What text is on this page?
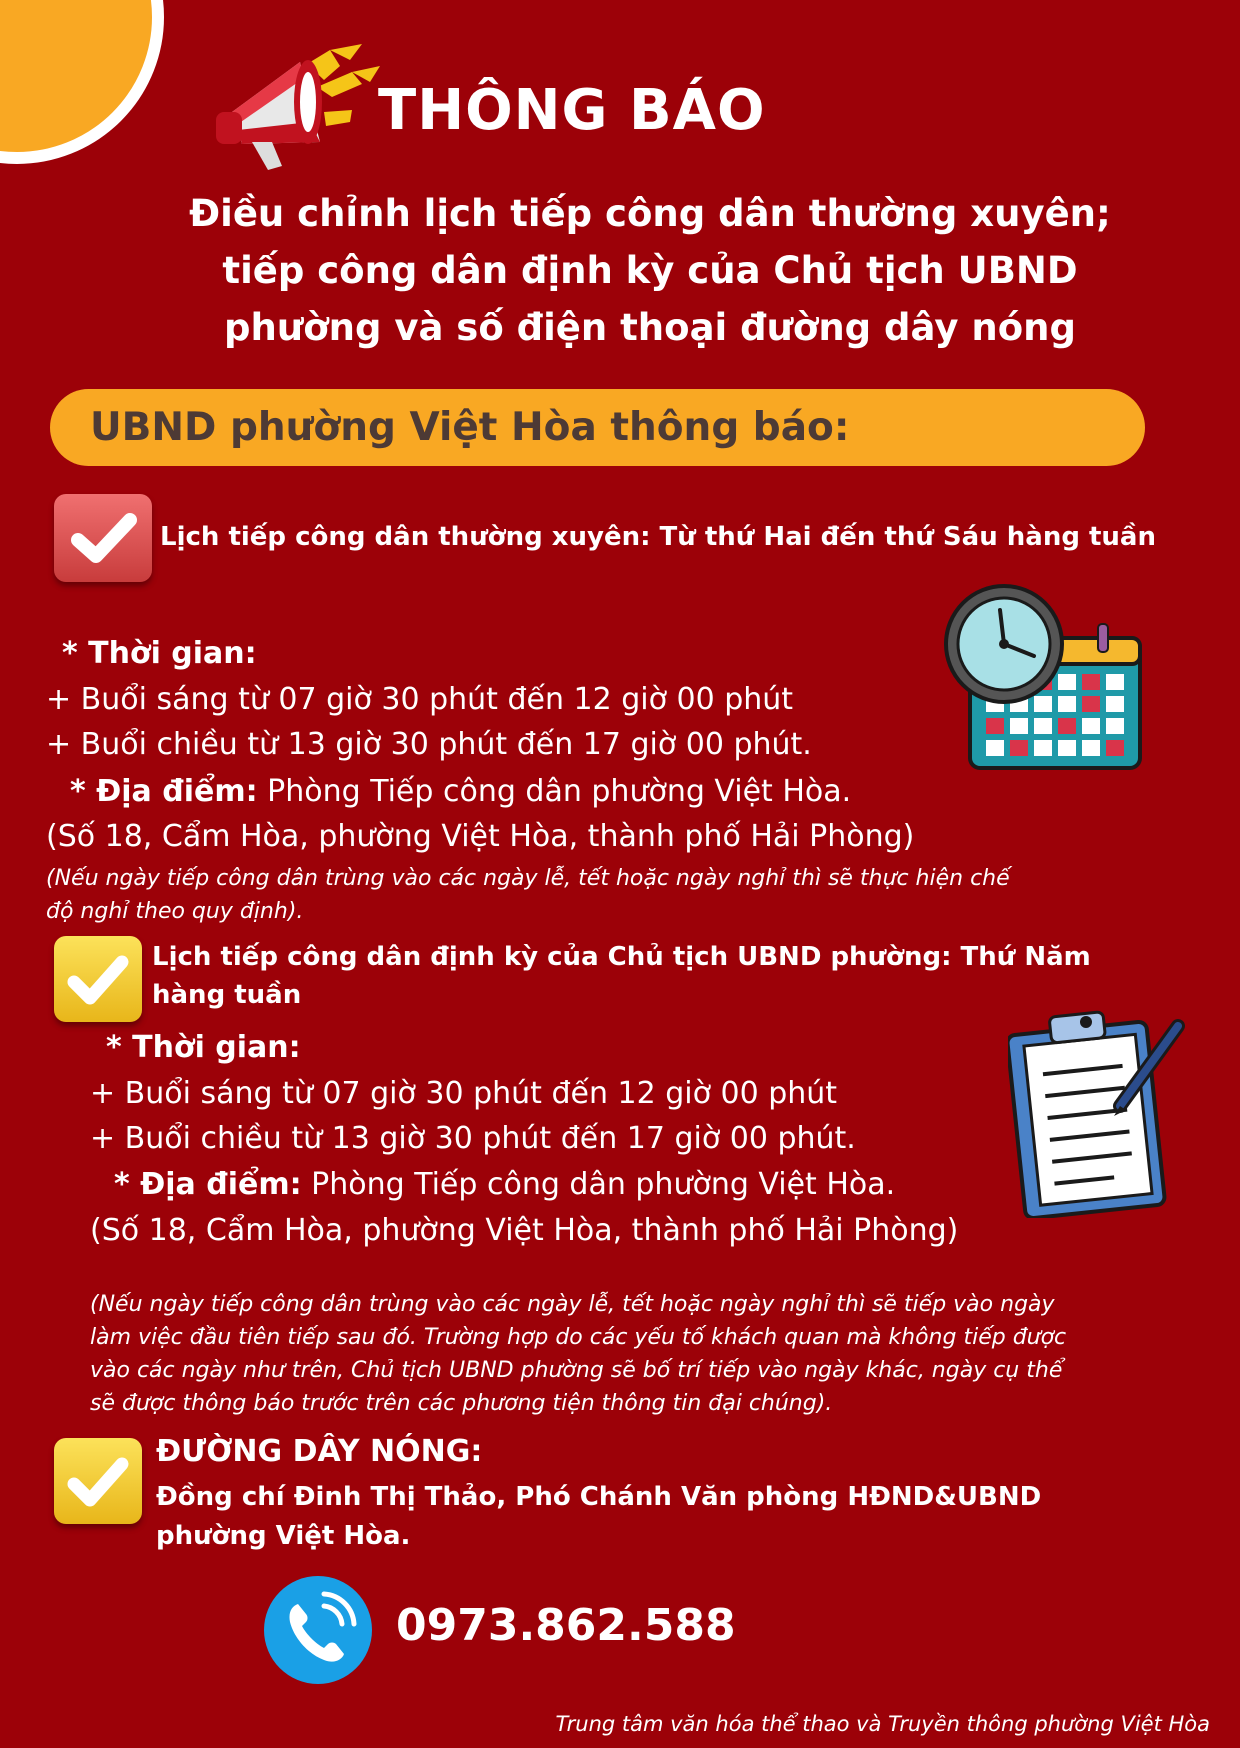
THÔNG BÁO
Điều chỉnh lịch tiếp công dân thường xuyên;
tiếp công dân định kỳ của Chủ tịch UBND
phường và số điện thoại đường dây nóng
UBND phường Việt Hòa thông báo:
Lịch tiếp công dân thường xuyên: Từ thứ Hai đến thứ Sáu hàng tuần
* Thời gian:
+ Buổi sáng từ 07 giờ 30 phút đến 12 giờ 00 phút
+ Buổi chiều từ 13 giờ 30 phút đến 17 giờ 00 phút.
* Địa điểm: Phòng Tiếp công dân phường Việt Hòa.
(Số 18, Cẩm Hòa, phường Việt Hòa, thành phố Hải Phòng)
(Nếu ngày tiếp công dân trùng vào các ngày lễ, tết hoặc ngày nghỉ thì sẽ thực hiện chế
độ nghỉ theo quy định).
Lịch tiếp công dân định kỳ của Chủ tịch UBND phường: Thứ Năm
hàng tuần
* Thời gian:
+ Buổi sáng từ 07 giờ 30 phút đến 12 giờ 00 phút
+ Buổi chiều từ 13 giờ 30 phút đến 17 giờ 00 phút.
* Địa điểm: Phòng Tiếp công dân phường Việt Hòa.
(Số 18, Cẩm Hòa, phường Việt Hòa, thành phố Hải Phòng)
(Nếu ngày tiếp công dân trùng vào các ngày lễ, tết hoặc ngày nghỉ thì sẽ tiếp vào ngày
làm việc đầu tiên tiếp sau đó. Trường hợp do các yếu tố khách quan mà không tiếp được
vào các ngày như trên, Chủ tịch UBND phường sẽ bố trí tiếp vào ngày khác, ngày cụ thể
sẽ được thông báo trước trên các phương tiện thông tin đại chúng).
ĐƯỜNG DÂY NÓNG:
Đồng chí Đinh Thị Thảo, Phó Chánh Văn phòng HĐND&UBND
phường Việt Hòa.
0973.862.588
Trung tâm văn hóa thể thao và Truyền thông phường Việt Hòa
